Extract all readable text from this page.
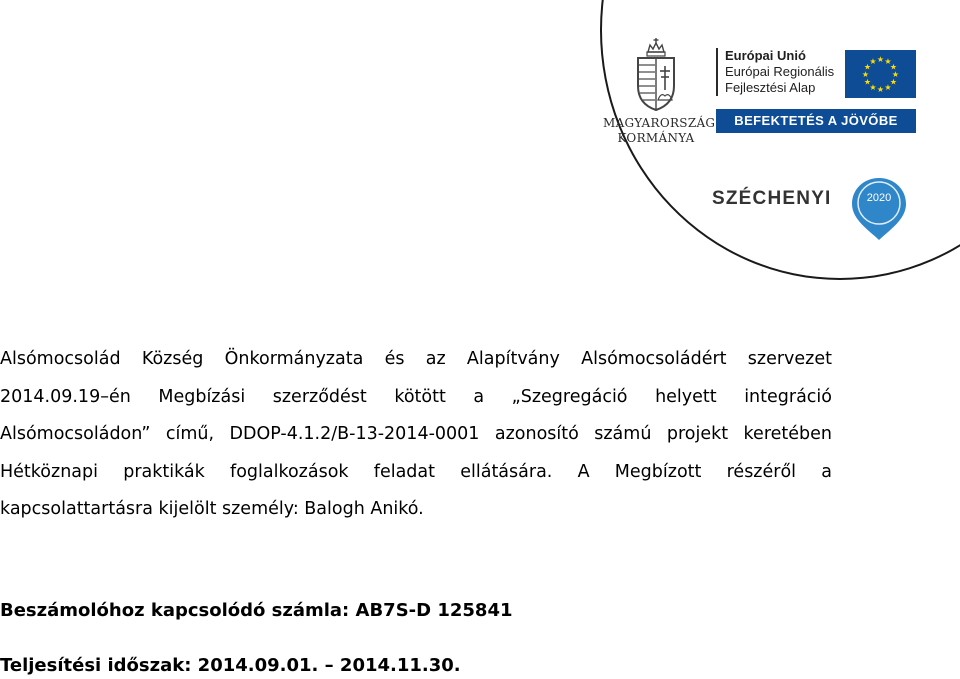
MAGYARORSZÁG
KORMÁNYA
Európai Unió
Európai Regionális
Fejlesztési Alap
★ ★
★
★
★
★
★
★
★
★
★
★
BEFEKTETÉS A JÖVŐBE
SZÉCHENYI	2020

Alsómocsolád Község Önkormányzata és az Alapítvány Alsómocsoládért szervezet 2014.09.19–én Megbízási szerződést kötött a „Szegregáció helyett integráció Alsómocsoládon” című, DDOP-4.1.2/B-13-2014-0001 azonosító számú projekt keretében Hétköznapi praktikák foglalkozások feladat ellátására. A Megbízott részéről a kapcsolattartásra kijelölt személy: Balogh Anikó.

Beszámolóhoz kapcsolódó számla: AB7S-D 125841

Teljesítési időszak: 2014.09.01. – 2014.11.30.
